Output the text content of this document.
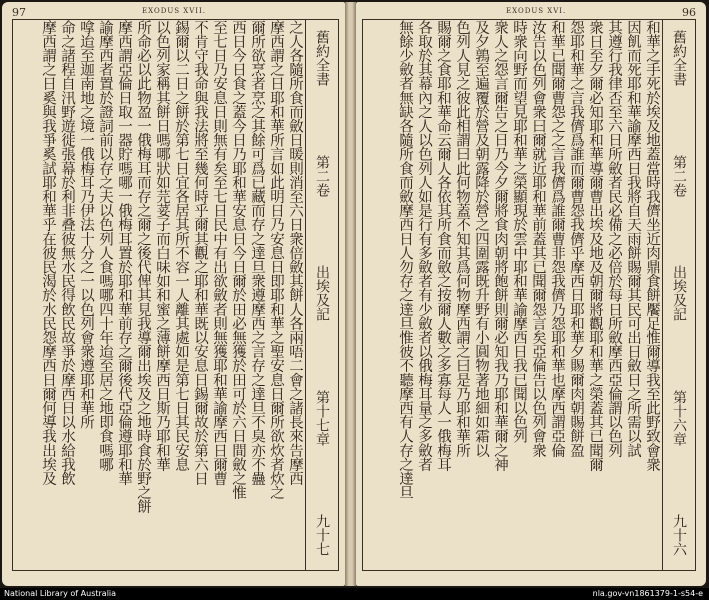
97	EXODUS XVII.
之人各隨所食而斂日暖則消至六日衆倍斂其餅人各兩唔二會之諸長來告摩西
摩西謂之日耶和華所言如此明日乃安息日即耶和華之聖安息日爾所欲炊者炊之
爾所欲烹者烹之其餘可爲已藏而存之達旦衆遵摩西之言存之達旦不臭亦不蠱
西日今日食之蓋今日乃耶和華安息日今日爾於田必無獲於田可於六日間斂之惟
至七日乃安息日則無有矣至七日民中有出欲斂者則無獲耶和華諭摩西日爾曹
不肯守我命與我法將至幾何時乎爾其觀之耶和華既以安息日錫爾故於第六日
錫爾以二日之餅於第七日宜各居其所不容一人離其處如是第七日其民安息
以色列家稱其餅日嗎哪狀如芫荽子而白味如和蜜之薄餅摩西日斯乃耶和華
所命必以此物盈一俄梅耳而存之爾之後代俾其見我導爾出埃及之地時食於野之餅
摩西謂亞倫日取一器貯嗎哪一俄梅耳置於耶和華前存之爾後代亞倫遵耶和華
諭摩西者置於證詞前以存之夫以色列人食嗎哪四十年迨至居之地即食嗎哪
嗱迨至迦南地之境一俄梅耳乃伊法十分之一以色列會衆遵耶和華所
命之諸程自汛野遊徙張幕於利非叠彼無水民得飲民故爭於摩西日以水給我飲
摩西謂之日奚與我爭奚試耶和華乎在彼民渴於水民怨摩西日爾何導我出埃及	舊約全書
第二卷
出埃及記
第十七章
九十七
EXODUS XVI.	96
和華之手死於埃及地蓋當時我儕坐近肉鼎食餅饜足惟爾導我至此野致會衆
因飢而死耶和華諭摩西日我將自天雨餅賜爾其民可出日斂日之所需以試
其遵行我律否至六日所斂者民必備之必倍於每日所斂摩西亞倫謂以色列
衆日至夕爾必知耶和華導爾曹出埃及地及朝爾將觀耶和華之榮蓋其已聞爾
怨耶和華之言我儕爲誰而爾曹怨我儕乎摩西日耶和華夕賜爾肉朝賜餅盈
和華已聞爾曹怨之之言我儕爲誰爾曹非怨我儕乃怨耶和華也摩西謂亞倫
汝告以色列會衆曰爾就近耶和華前蓋其已聞爾怨言矣亞倫告以色列會衆
時衆向野而望見耶和華之榮顯現於雲中耶和華諭摩西日我已聞以色列
衆人之怨言爾告之日乃今夕爾將食肉朝將飽餅則爾必知我乃耶和華爾之神
及夕鶉至遍覆於營及朝露降於營之四圍露既升野有小圓物著地細如霜以
色列人見之彼此相謂曰此何物蓋不知其爲何物摩西謂之曰是乃耶和華所
賜爾之食耶和華命云爾人各依其所食而斂之按爾人數之多寡每人一俄梅耳
各取於其幕內之人以色列人如是行有多斂者有少斂者以俄梅耳量之多斂者
無餘少斂者無缺各隨所食而斂摩西日人勿存之達旦惟彼不聽摩西有人存之達旦	舊約全書
第二卷
出埃及記
第十六章
九十六
National Library of Australia	nla.gov-vn1861379-1-s54-e
